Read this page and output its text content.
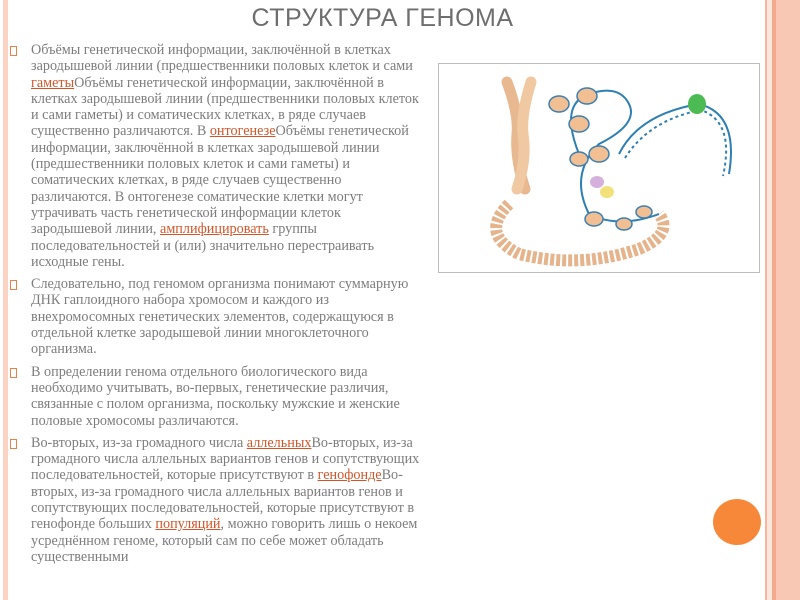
СТРУКТУРА ГЕНОМА
Объёмы генетической информации, заключённой в клетках зародышевой линии (предшественники половых клеток и сами гаметыОбъёмы генетической информации, заключённой в клетках зародышевой линии (предшественники половых клеток и сами гаметы) и соматических клетках, в ряде случаев существенно различаются. В онтогенезеОбъёмы генетической информации, заключённой в клетках зародышевой линии (предшественники половых клеток и сами гаметы) и соматических клетках, в ряде случаев существенно различаются. В онтогенезе соматические клетки могут утрачивать часть генетической информации клеток зародышевой линии, амплифицировать группы последовательностей и (или) значительно перестраивать исходные гены.
Следовательно, под геномом организма понимают суммарную ДНК гаплоидного набора хромосом и каждого из внехромосомных генетических элементов, содержащуюся в отдельной клетке зародышевой линии многоклеточного организма.
В определении генома отдельного биологического вида необходимо учитывать, во-первых, генетические различия, связанные с полом организма, поскольку мужские и женские половые хромосомы различаются.
Во-вторых, из-за громадного числа аллельныхВо-вторых, из-за громадного числа аллельных вариантов генов и сопутствующих последовательностей, которые присутствуют в генофондеВо-вторых, из-за громадного числа аллельных вариантов генов и сопутствующих последовательностей, которые присутствуют в генофонде больших популяций, можно говорить лишь о некоем усреднённом геноме, который сам по себе может обладать существенными
